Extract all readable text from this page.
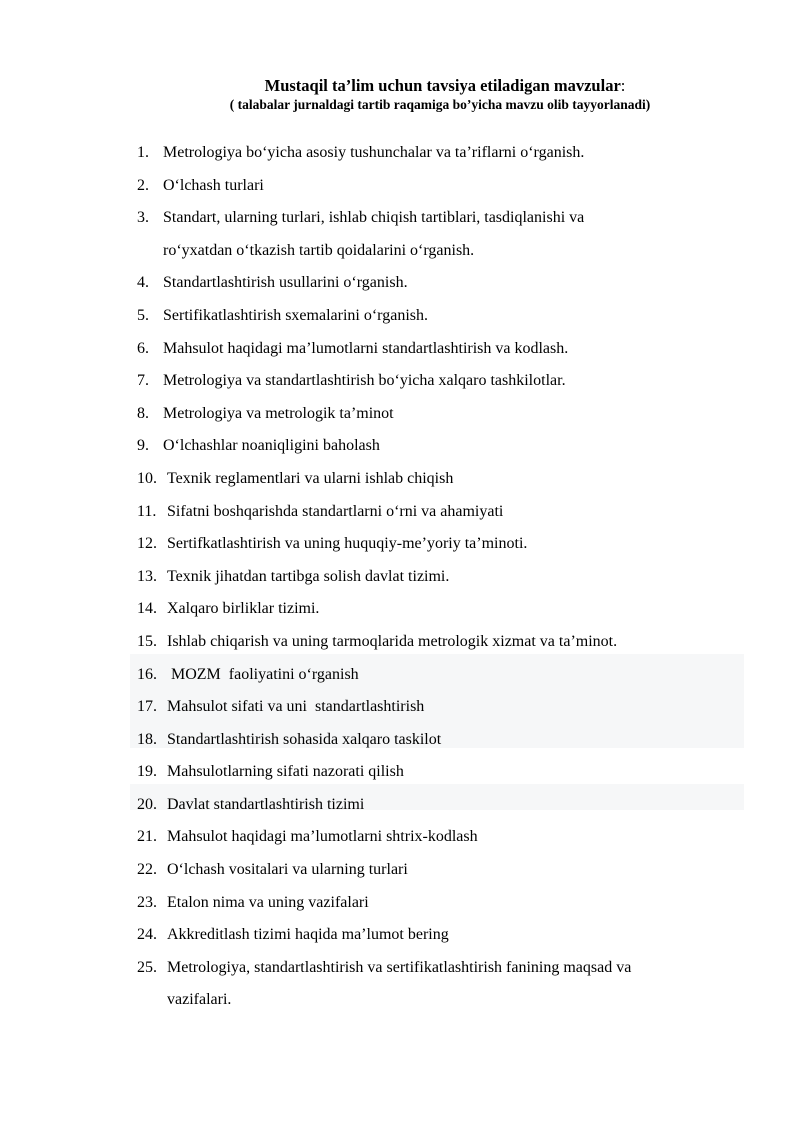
Mustaqil ta’lim uchun tavsiya etiladigan mavzular:
( talabalar jurnaldagi tartib raqamiga bo’yicha mavzu olib tayyorlanadi)
1. Metrologiya bo‘yicha asosiy tushunchalar va ta’riflarni o‘rganish.
2. O‘lchash turlari
3. Standart, ularning turlari, ishlab chiqish tartiblari, tasdiqlanishi va
ro‘yxatdan o‘tkazish tartib qoidalarini o‘rganish.
4. Standartlashtirish usullarini o‘rganish.
5. Sertifikatlashtirish sxemalarini o‘rganish.
6. Mahsulot haqidagi ma’lumotlarni standartlashtirish va kodlash.
7. Metrologiya va standartlashtirish bo‘yicha xalqaro tashkilotlar.
8. Metrologiya va metrologik ta’minot
9. O‘lchashlar noaniqligini baholash
10. Texnik reglamentlari va ularni ishlab chiqish
11. Sifatni boshqarishda standartlarni o‘rni va ahamiyati
12. Sertifkatlashtirish va uning huquqiy-me’yoriy ta’minoti.
13. Texnik jihatdan tartibga solish davlat tizimi.
14. Xalqaro birliklar tizimi.
15. Ishlab chiqarish va uning tarmoqlarida metrologik xizmat va ta’minot.
16. MOZM  faoliyatini o‘rganish
17. Mahsulot sifati va uni  standartlashtirish
18. Standartlashtirish sohasida xalqaro taskilot
19. Mahsulotlarning sifati nazorati qilish
20. Davlat standartlashtirish tizimi
21. Mahsulot haqidagi ma’lumotlarni shtrix-kodlash
22. O‘lchash vositalari va ularning turlari
23. Etalon nima va uning vazifalari
24. Akkreditlash tizimi haqida ma’lumot bering
25. Metrologiya, standartlashtirish va sertifikatlashtirish fanining maqsad va
vazifalari.
